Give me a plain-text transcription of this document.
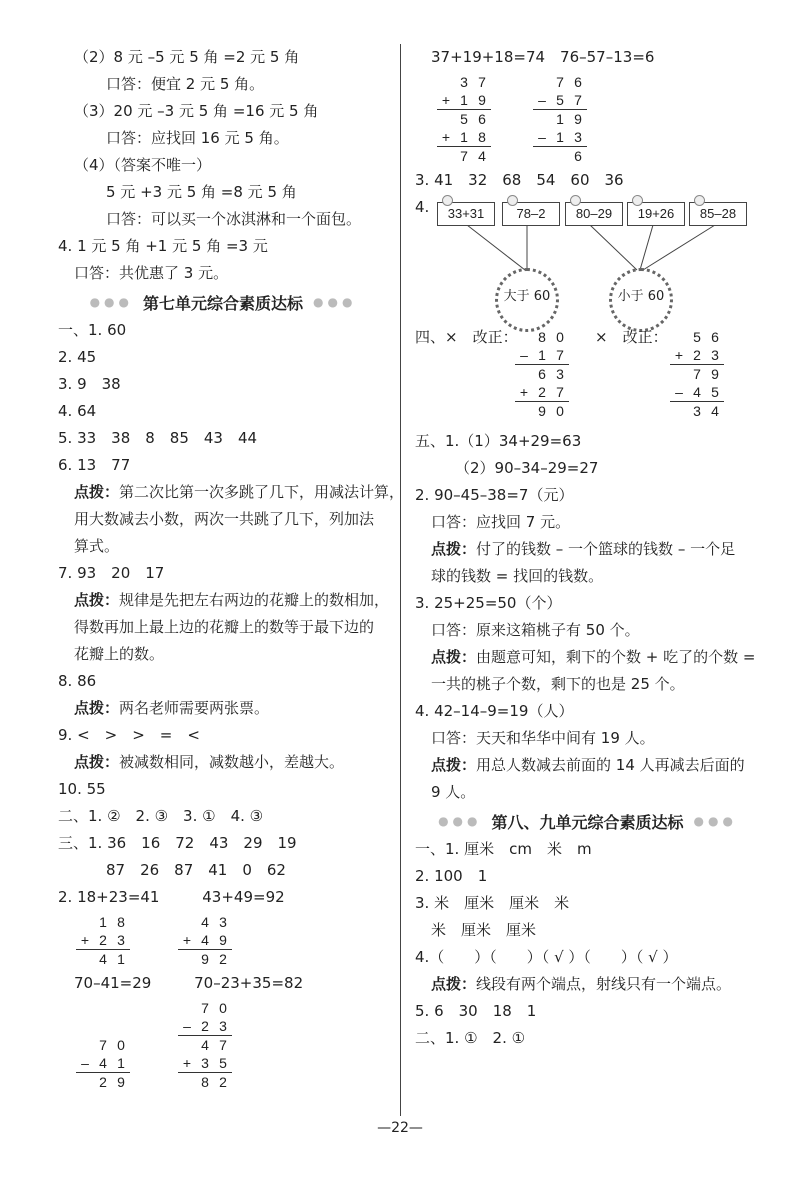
（2）8 元 –5 元 5 角 =2 元 5 角
口答：便宜 2 元 5 角。
（3）20 元 –3 元 5 角 =16 元 5 角
口答：应找回 16 元 5 角。
（4）（答案不唯一）
5 元 +3 元 5 角 =8 元 5 角
口答：可以买一个冰淇淋和一个面包。
4. 1 元 5 角 +1 元 5 角 =3 元
口答：共优惠了 3 元。
●●● 第七单元综合素质达标 ●●●
一、1. 60
2. 45
3. 9　38
4. 64
5. 33　38　8　85　43　44
6. 13　77
点拨：第二次比第一次多跳了几下，用减法计算，
用大数减去小数，两次一共跳了几下，列加法
算式。
7. 93　20　17
点拨：规律是先把左右两边的花瓣上的数相加，
得数再加上最上边的花瓣上的数等于最下边的
花瓣上的数。
8. 86
点拨：两名老师需要两张票。
9. <　>　>　=　<
点拨：被减数相同，减数越小，差越大。
10. 55
二、1. ②　2. ③　3. ①　4. ③
三、1. 36　16　72　43　29　19
87　26　87　41　0　62
2. 18+23=41	43+49=92
	1	8
+	2	3
	4	1
	4	3
+	4	9
	9	2
70–41=29	70–23+35=82
	7	0
–	4	1
	2	9
	7	0
–	2	3
	4	7
+	3	5
	8	2
37+19+18=74　76–57–13=6
	3	7
+	1	9
	5	6
+	1	8
	7	4
	7	6
–	5	7
	1	9
–	1	3
		6
3. 41　32　68　54　60　36
4.	33+31	78–2	80–29	19+26	85–28
大于 60	小于 60
四、×　改正：
	8	0
–	1	7
	6	3
+	2	7
	9	0
×　改正：
	5	6
+	2	3
	7	9
–	4	5
	3	4
五、1.（1）34+29=63
（2）90–34–29=27
2. 90–45–38=7（元）
口答：应找回 7 元。
点拨：付了的钱数 – 一个篮球的钱数 – 一个足
球的钱数 = 找回的钱数。
3. 25+25=50（个）
口答：原来这箱桃子有 50 个。
点拨：由题意可知，剩下的个数 + 吃了的个数 =
一共的桃子个数，剩下的也是 25 个。
4. 42–14–9=19（人）
口答：天天和华华中间有 19 人。
点拨：用总人数减去前面的 14 人再减去后面的
9 人。
●●● 第八、九单元综合素质达标 ●●●
一、1. 厘米　cm　米　m
2. 100　1
3. 米　厘米　厘米　米
米　厘米　厘米
4.（　　）（　　）（ √ ）（　　）（ √ ）
点拨：线段有两个端点，射线只有一个端点。
5. 6　30　18　1
二、1. ①　2. ①
—22—
